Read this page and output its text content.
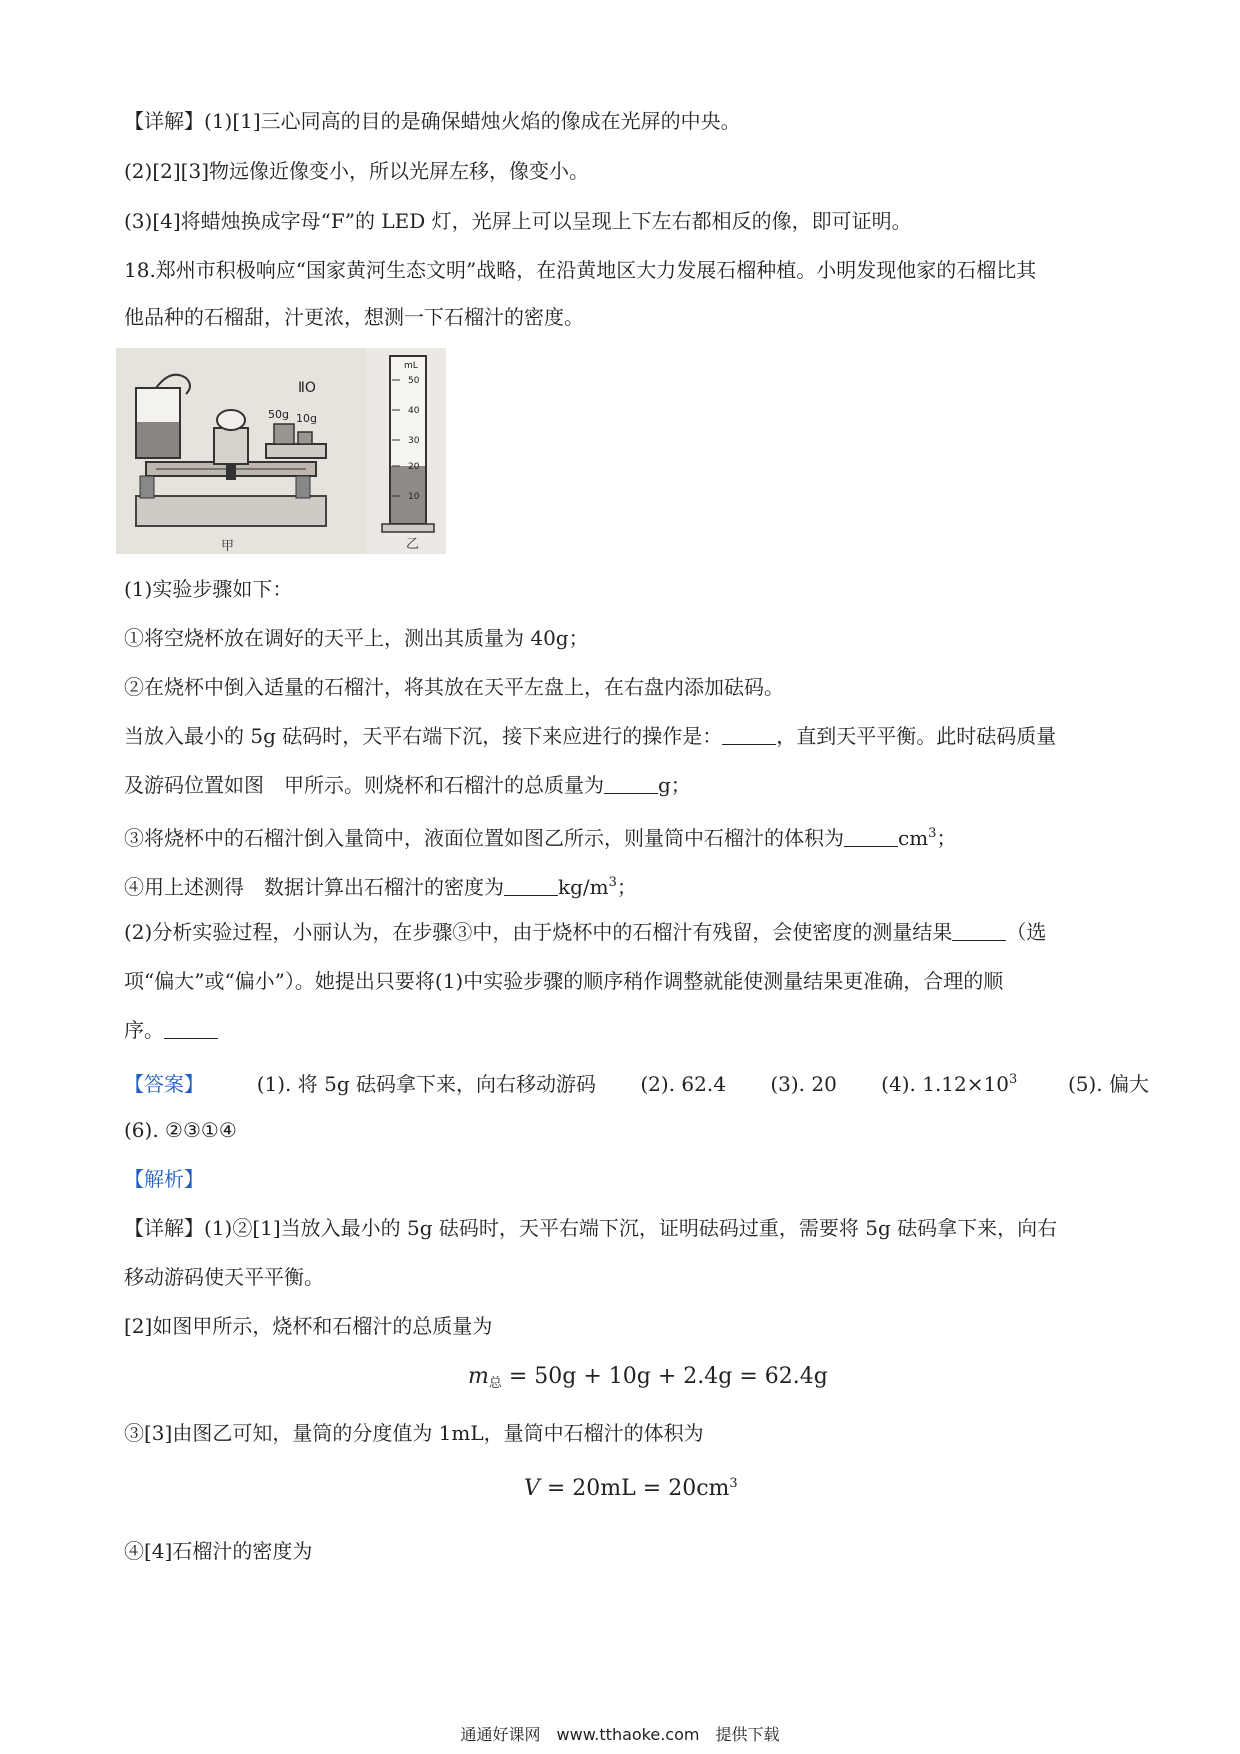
【详解】(1)[1]三心同高的目的是确保蜡烛火焰的像成在光屏的中央。
(2)[2][3]物远像近像变小，所以光屏左移，像变小。
(3)[4]将蜡烛换成字母“F”的 LED 灯，光屏上可以呈现上下左右都相反的像，即可证明。
18.郑州市积极响应“国家黄河生态文明”战略，在沿黄地区大力发展石榴种植。小明发现他家的石榴比其
他品种的石榴甜，汁更浓，想测一下石榴汁的密度。
50g 10g
ⅡO
甲
mL
50
40
30
20
10
乙
(1)实验步骤如下：
①将空烧杯放在调好的天平上，测出其质量为 40g；
②在烧杯中倒入适量的石榴汁，将其放在天平左盘上，在右盘内添加砝码。
当放入最小的 5g 砝码时，天平右端下沉，接下来应进行的操作是：	，直到天平平衡。此时砝码质量
及游码位置如图　甲所示。则烧杯和石榴汁的总质量为	g；
③将烧杯中的石榴汁倒入量筒中，液面位置如图乙所示，则量筒中石榴汁的体积为	$cm^3$；
④用上述测得　数据计算出石榴汁的密度为	$kg/m^3$；
(2)分析实验过程，小丽认为，在步骤③中，由于烧杯中的石榴汁有残留，会使密度的测量结果	（选
项“偏大”或“偏小”）。她提出只要将(1)中实验步骤的顺序稍作调整就能使测量结果更准确，合理的顺
序。
【答案】	(1). 将 5g 砝码拿下来，向右移动游码 (2). 62.4 (3). 20 (4). $1.12\times 10^3$	(5). 偏大
(6). ②③①④
【解析】
【详解】(1)②[1]当放入最小的 5g 砝码时，天平右端下沉，证明砝码过重，需要将 5g 砝码拿下来，向右
移动游码使天平平衡。
[2]如图甲所示，烧杯和石榴汁的总质量为
$m_总 = 50g + 10g + 2.4g = 62.4g$
③[3]由图乙可知，量筒的分度值为 1mL，量筒中石榴汁的体积为
$V = 20mL = 20cm^3$
④[4]石榴汁的密度为
通通好课网　www.tthaoke.com　提供下载
